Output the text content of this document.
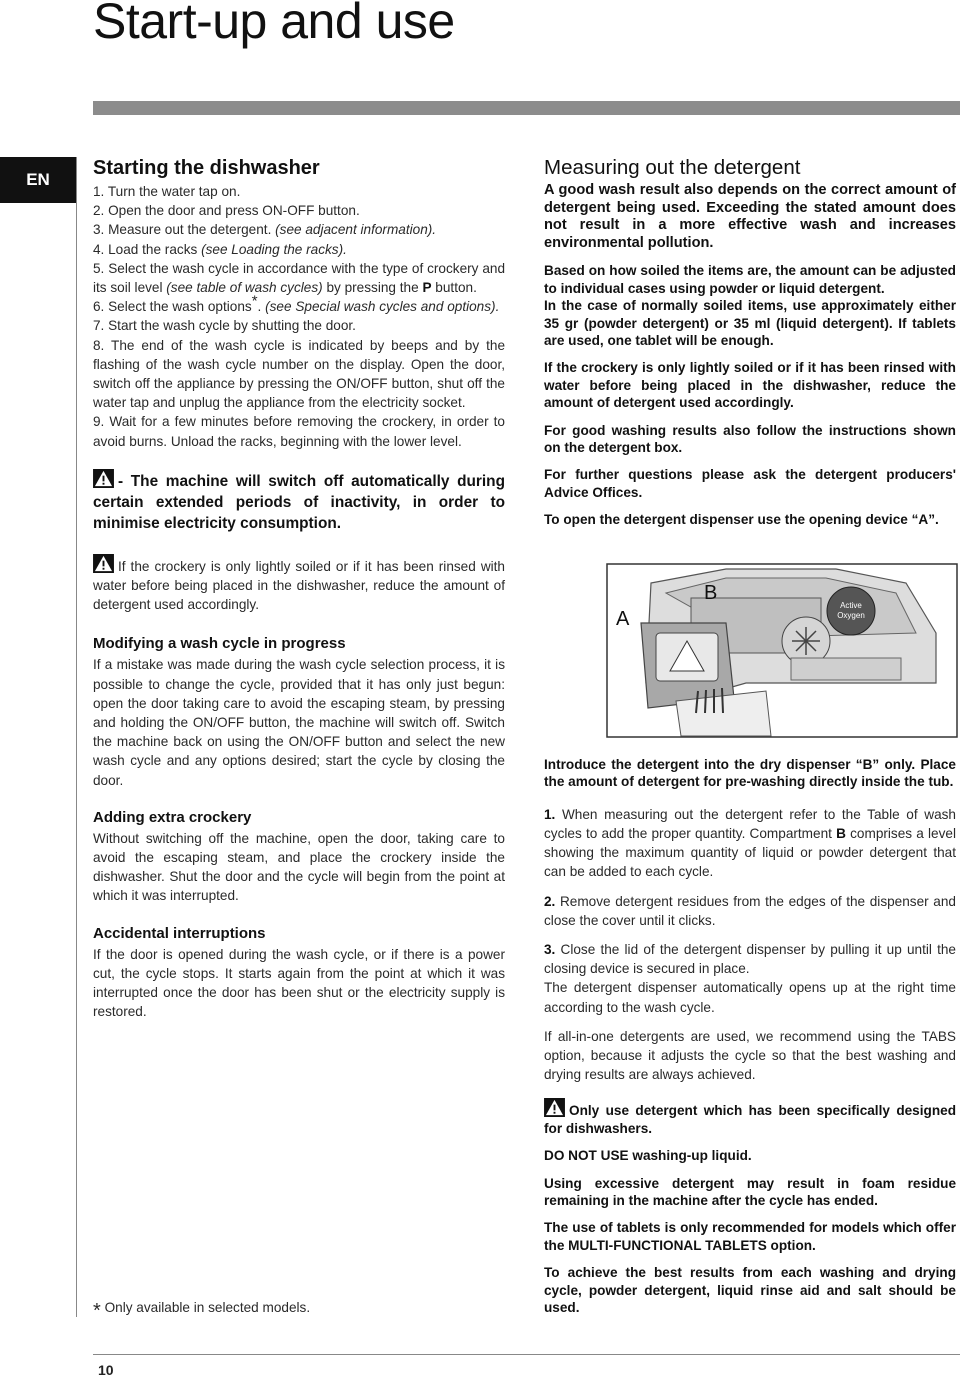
Start-up and use
EN
Starting the dishwasher

1. Turn the water tap on.

2. Open the door and press ON-OFF button.

3. Measure out the detergent. (see adjacent information).

4. Load the racks (see Loading the racks).

5. Select the wash cycle in accordance with the type of crockery and its soil level (see table of wash cycles) by pressing the P button.

6. Select the wash options*. (see Special wash cycles and options).

7. Start the wash cycle by shutting the door.

8. The end of the wash cycle is indicated by beeps and by the flashing of the wash cycle number on the display. Open the door, switch off the appliance by pressing the ON/OFF button, shut off the water tap and unplug the appliance from the electricity socket.

9. Wait for a few minutes before removing the crockery, in order to avoid burns. Unload the racks, beginning with the lower level.

- The machine will switch off automatically during certain extended periods of inactivity, in order to minimise electricity consumption.

If the crockery is only lightly soiled or if it has been rinsed with water before being placed in the dishwasher, reduce the amount of detergent used accordingly.

Modifying a wash cycle in progress

If a mistake was made during the wash cycle selection process, it is possible to change the cycle, provided that it has only just begun: open the door taking care to avoid the escaping steam, by pressing and holding the ON/OFF button, the machine will switch off. Switch the machine back on using the ON/OFF button and select the new wash cycle and any options desired; start the cycle by closing the door.

Adding extra crockery

Without switching off the machine, open the door, taking care to avoid the escaping steam, and place the crockery inside the dishwasher. Shut the door and the cycle will begin from the point at which it was interrupted.

Accidental interruptions

If the door is opened during the wash cycle, or if there is a power cut, the cycle stops. It starts again from the point at which it was interrupted once the door has been shut or the electricity supply is restored.

* Only available in selected models.
Measuring out the detergent

A good wash result also depends on the correct amount of detergent being used. Exceeding the stated amount does not result in a more effective wash and increases environmental pollution.

Based on how soiled the items are, the amount can be adjusted to individual cases using powder or liquid detergent.

In the case of normally soiled items, use approximately either 35 gr (powder detergent) or 35 ml (liquid detergent). If tablets are used, one tablet will be enough.

If the crockery is only lightly soiled or if it has been rinsed with water before being placed in the dishwasher, reduce the amount of detergent used accordingly.

For good washing results also follow the instructions shown on the detergent box.

For further questions please ask the detergent producers' Advice Offices.

To open the detergent dispenser use the opening device “A”.

Active
Oxygen
A
B

Introduce the detergent into the dry dispenser “B” only. Place the amount of detergent for pre-washing directly inside the tub.

1. When measuring out the detergent refer to the Table of wash cycles to add the proper quantity. Compartment B comprises a level showing the maximum quantity of liquid or powder detergent that can be added to each cycle.

2. Remove detergent residues from the edges of the dispenser and close the cover until it clicks.

3. Close the lid of the detergent dispenser by pulling it up until the closing device is secured in place.

The detergent dispenser automatically opens up at the right time according to the wash cycle.

If all-in-one detergents are used, we recommend using the TABS option, because it adjusts the cycle so that the best washing and drying results are always achieved.

Only use detergent which has been specifically designed for dishwashers.

DO NOT USE washing-up liquid.

Using excessive detergent may result in foam residue remaining in the machine after the cycle has ended.

The use of tablets is only recommended for models which offer the MULTI-FUNCTIONAL TABLETS option.

To achieve the best results from each washing and drying cycle, powder detergent, liquid rinse aid and salt should be used.

10
